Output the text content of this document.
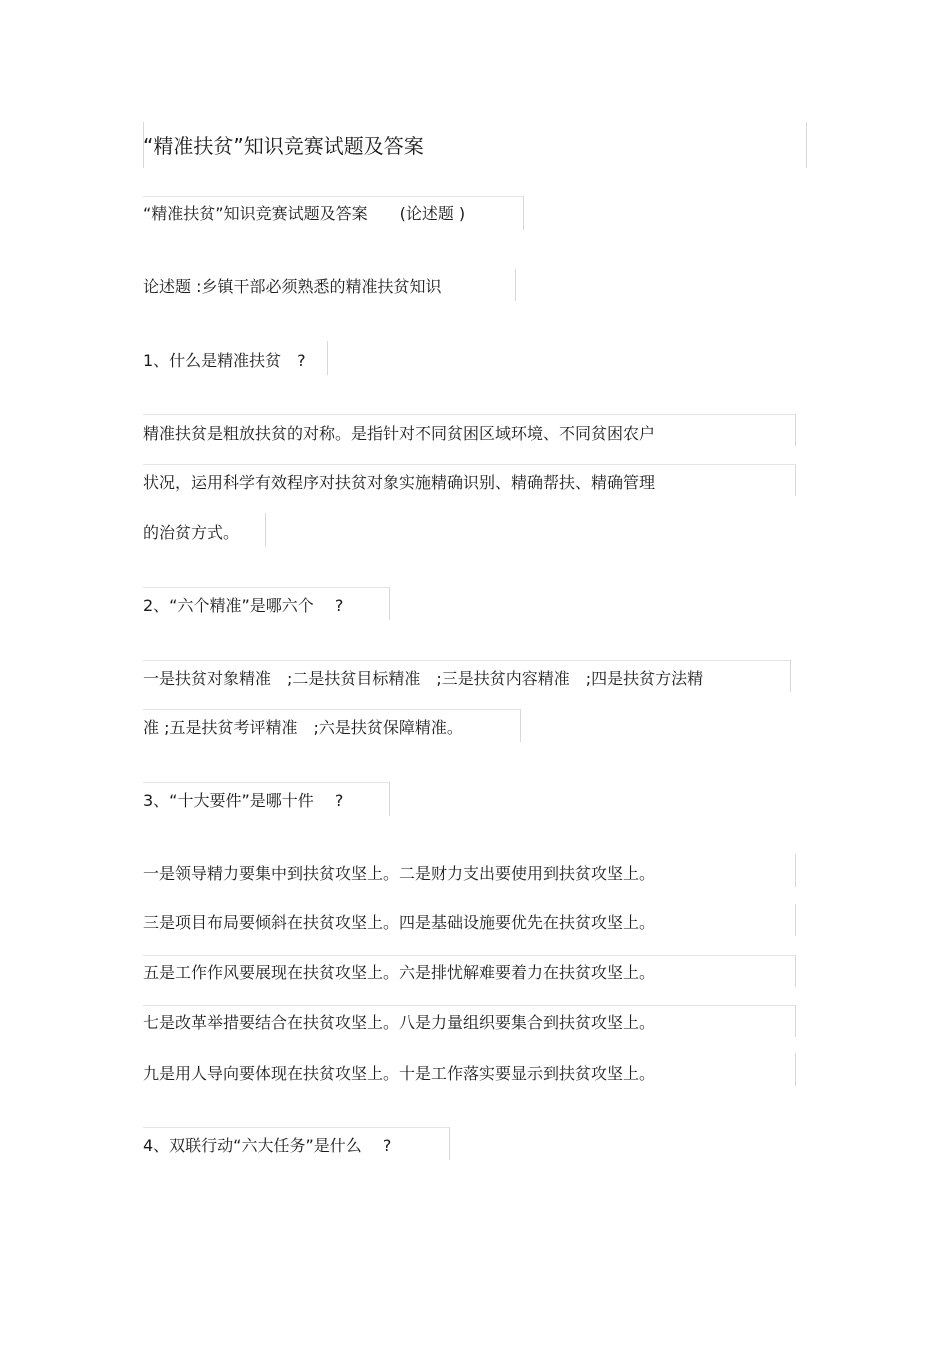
“精准扶贫”知识竞赛试题及答案
“精准扶贫”知识竞赛试题及答案　　(论述题 )
论述题 :乡镇干部必须熟悉的精准扶贫知识
1、什么是精准扶贫　?
精准扶贫是粗放扶贫的对称。是指针对不同贫困区域环境、不同贫困农户
状况，运用科学有效程序对扶贫对象实施精确识别、精确帮扶、精确管理
的治贫方式。
2、“六个精准”是哪六个　 ?
一是扶贫对象精准　;二是扶贫目标精准　;三是扶贫内容精准　;四是扶贫方法精
准 ;五是扶贫考评精准　;六是扶贫保障精准。
3、“十大要件”是哪十件　 ?
一是领导精力要集中到扶贫攻坚上。二是财力支出要使用到扶贫攻坚上。
三是项目布局要倾斜在扶贫攻坚上。四是基础设施要优先在扶贫攻坚上。
五是工作作风要展现在扶贫攻坚上。六是排忧解难要着力在扶贫攻坚上。
七是改革举措要结合在扶贫攻坚上。八是力量组织要集合到扶贫攻坚上。
九是用人导向要体现在扶贫攻坚上。十是工作落实要显示到扶贫攻坚上。
4、双联行动“六大任务”是什么　 ?
